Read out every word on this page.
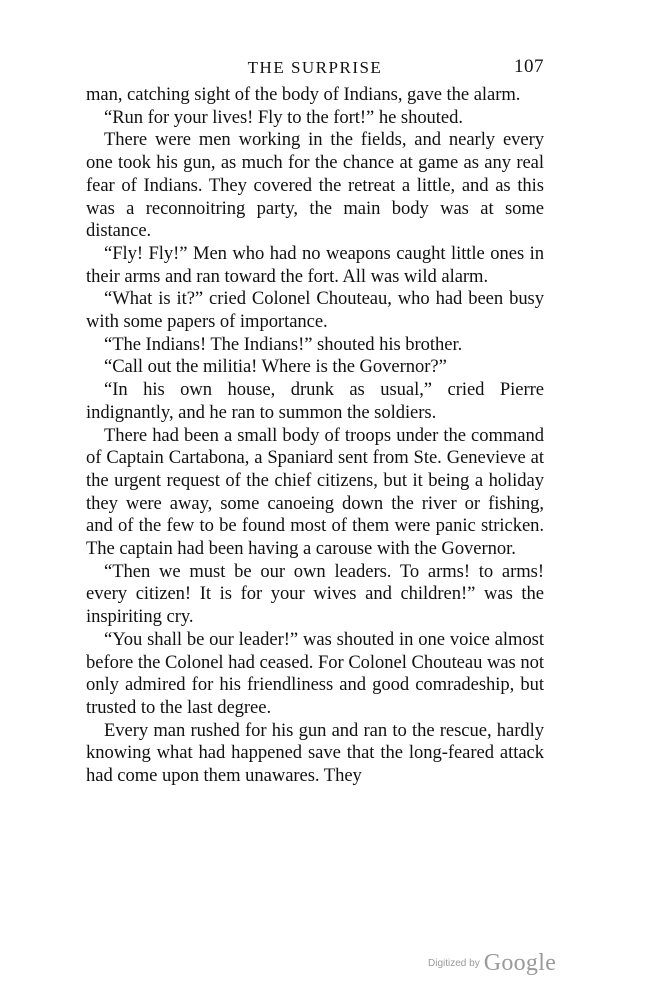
THE SURPRISE	107

man, catching sight of the body of Indians, gave the alarm.

“Run for your lives! Fly to the fort!” he shouted.

There were men working in the fields, and nearly every one took his gun, as much for the chance at game as any real fear of Indians. They covered the retreat a little, and as this was a reconnoitring party, the main body was at some distance.

“Fly! Fly!” Men who had no weapons caught little ones in their arms and ran toward the fort. All was wild alarm.

“What is it?” cried Colonel Chouteau, who had been busy with some papers of importance.

“The Indians! The Indians!” shouted his brother.

“Call out the militia! Where is the Governor?”

“In his own house, drunk as usual,” cried Pierre indignantly, and he ran to summon the soldiers.

There had been a small body of troops under the command of Captain Cartabona, a Spaniard sent from Ste. Genevieve at the urgent request of the chief citizens, but it being a holiday they were away, some canoeing down the river or fishing, and of the few to be found most of them were panic stricken. The captain had been having a carouse with the Governor.

“Then we must be our own leaders. To arms! to arms! every citizen! It is for your wives and children!” was the inspiriting cry.

“You shall be our leader!” was shouted in one voice almost before the Colonel had ceased. For Colonel Chouteau was not only admired for his friendliness and good comradeship, but trusted to the last degree.

Every man rushed for his gun and ran to the rescue, hardly knowing what had happened save that the long-feared attack had come upon them unawares. They

Digitized by Google
